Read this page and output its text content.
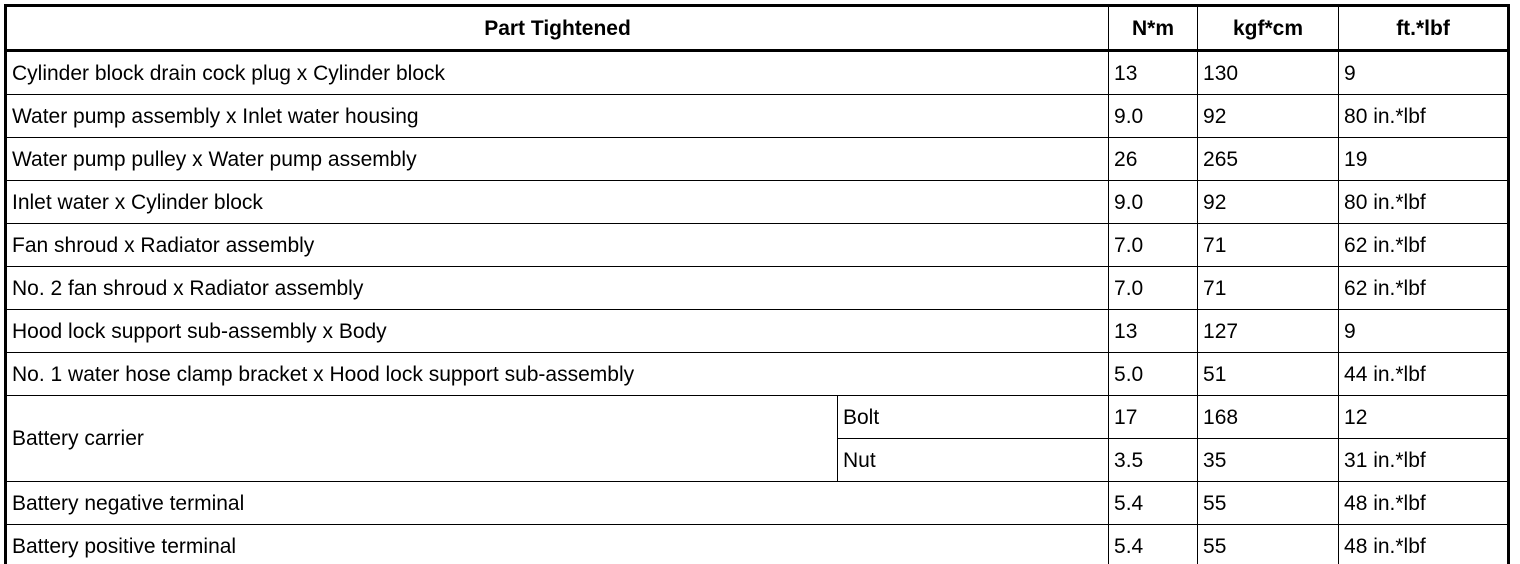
Part Tightened		N*m	kgf*cm	ft.*lbf
Cylinder block drain cock plug x Cylinder block		13	130	9
Water pump assembly x Inlet water housing		9.0	92	80 in.*lbf
Water pump pulley x Water pump assembly		26	265	19
Inlet water x Cylinder block		9.0	92	80 in.*lbf
Fan shroud x Radiator assembly		7.0	71	62 in.*lbf
No. 2 fan shroud x Radiator assembly		7.0	71	62 in.*lbf
Hood lock support sub-assembly x Body		13	127	9
No. 1 water hose clamp bracket x Hood lock support sub-assembly		5.0	51	44 in.*lbf
Battery carrier	Bolt	17	168	12
	Nut	3.5	35	31 in.*lbf
Battery negative terminal		5.4	55	48 in.*lbf
Battery positive terminal		5.4	55	48 in.*lbf
